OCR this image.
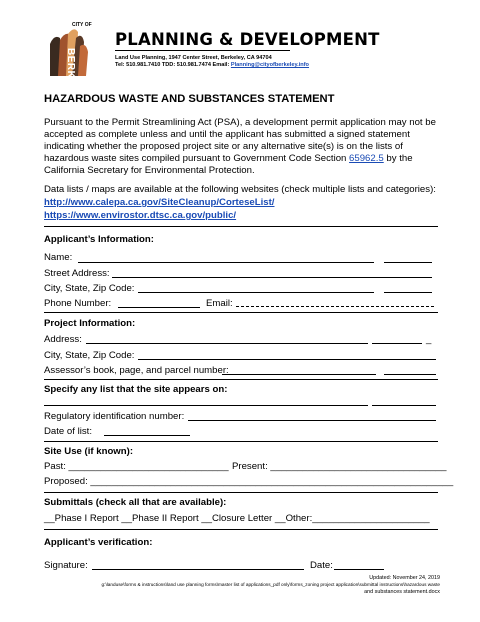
CITY OF
BERKELEY
PLANNING & DEVELOPMENT
Land Use Planning, 1947 Center Street, Berkeley, CA 94704
Tel: 510.981.7410 TDD: 510.981.7474 Email: Planning@cityofberkeley.info
HAZARDOUS WASTE AND SUBSTANCES STATEMENT
Pursuant to the Permit Streamlining Act (PSA), a development permit application may not be accepted as complete unless and until the applicant has submitted a signed statement indicating whether the proposed project site or any alternative site(s) is on the lists of hazardous waste sites compiled pursuant to Government Code Section 65962.5 by the California Secretary for Environmental Protection.
Data lists / maps are available at the following websites (check multiple lists and categories):
http://www.calepa.ca.gov/SiteCleanup/CorteseList/
https://www.envirostor.dtsc.ca.gov/public/
Applicant’s Information:
Name:
Street Address:
City, State, Zip Code:
Phone Number:	Email:
Project Information:
Address:	_
City, State, Zip Code:
Assessor’s book, page, and parcel number:
Specify any list that the site appears on:
Regulatory identification number:
Date of list:
Site Use (if known):
Past: ______________________________ Present: _________________________________
Proposed: ____________________________________________________________________
Submittals (check all that are available):
__Phase I Report __Phase II Report __Closure Letter __Other:______________________
Applicant’s verification:
Signature:	Date:
Updated: November 24, 2019
g:\landuse\forms & instructions\land use planning forms\master list of applications_pdf only\forms_zoning project application\submittal instructions\hazardous waste
and substances statement.docx
